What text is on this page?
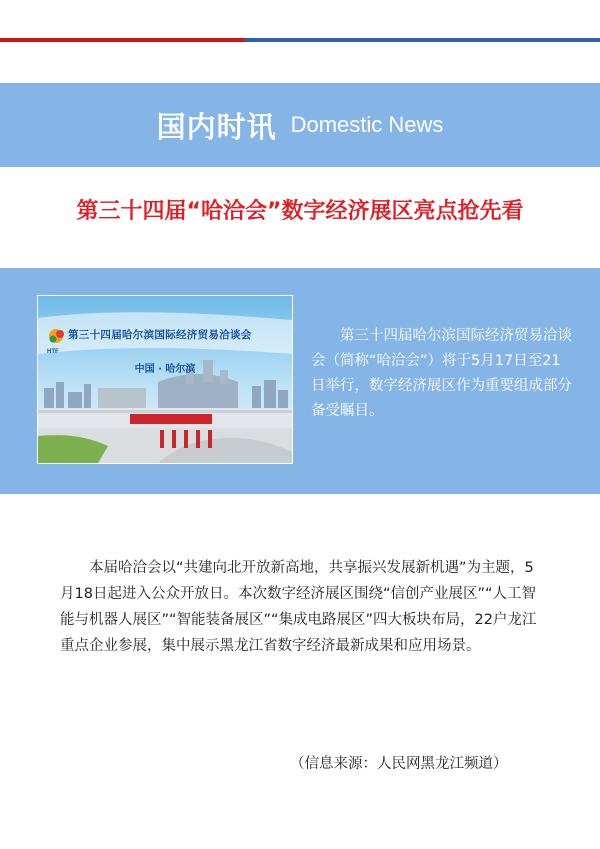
国内时讯 Domestic News
第三十四届“哈洽会”数字经济展区亮点抢先看
HTF
第三十四届哈尔滨国际经济贸易洽谈会
中国 · 哈尔滨
第三十四届哈尔滨国际经济贸易洽谈会（简称“哈洽会”）将于5月17日至21日举行，数字经济展区作为重要组成部分备受瞩目。
本届哈洽会以“共建向北开放新高地，共享振兴发展新机遇”为主题，5月18日起进入公众开放日。本次数字经济展区围绕“信创产业展区”“人工智能与机器人展区”“智能装备展区”“集成电路展区”四大板块布局，22户龙江重点企业参展，集中展示黑龙江省数字经济最新成果和应用场景。
（信息来源：人民网黑龙江频道）
